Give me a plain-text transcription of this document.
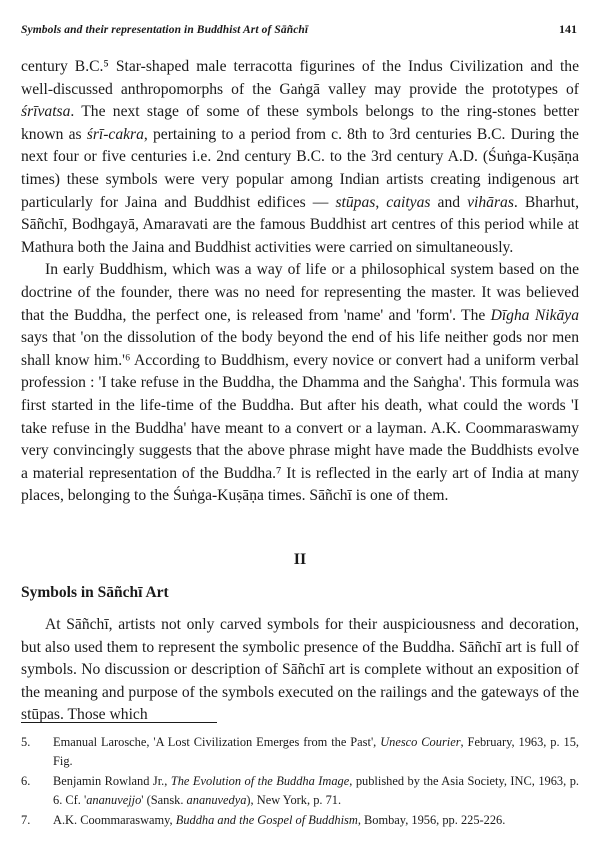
Symbols and their representation in Buddhist Art of Sāñchī	141

century B.C.⁵ Star-shaped male terracotta figurines of the Indus Civilization and the well-discussed anthropomorphs of the Gaṅgā valley may provide the prototypes of śrīvatsa. The next stage of some of these symbols belongs to the ring-stones better known as śrī-cakra, pertaining to a period from c. 8th to 3rd centuries B.C. During the next four or five centuries i.e. 2nd century B.C. to the 3rd century A.D. (Śuṅga-Kuṣāṇa times) these symbols were very popular among Indian artists creating indigenous art particularly for Jaina and Buddhist edifices — stūpas, caityas and vihāras. Bharhut, Sāñchī, Bodhgayā, Amaravati are the famous Buddhist art centres of this period while at Mathura both the Jaina and Buddhist activities were carried on simultaneously.

In early Buddhism, which was a way of life or a philosophical system based on the doctrine of the founder, there was no need for representing the master. It was believed that the Buddha, the perfect one, is released from 'name' and 'form'. The Dīgha Nikāya says that 'on the dissolution of the body beyond the end of his life neither gods nor men shall know him.'⁶ According to Buddhism, every novice or convert had a uniform verbal profession : 'I take refuse in the Buddha, the Dhamma and the Saṅgha'. This formula was first started in the life-time of the Buddha. But after his death, what could the words 'I take refuse in the Buddha' have meant to a convert or a layman. A.K. Coommaraswamy very convincingly suggests that the above phrase might have made the Buddhists evolve a material representation of the Buddha.⁷ It is reflected in the early art of India at many places, belonging to the Śuṅga-Kuṣāṇa times. Sāñchī is one of them.

II
Symbols in Sāñchī Art

At Sāñchī, artists not only carved symbols for their auspiciousness and decoration, but also used them to represent the symbolic presence of the Buddha. Sāñchī art is full of symbols. No discussion or description of Sāñchī art is complete without an exposition of the meaning and purpose of the symbols executed on the railings and the gateways of the stūpas. Those which

5.	Emanual Larosche, 'A Lost Civilization Emerges from the Past', Unesco Courier, February, 1963, p. 15, Fig.
6.	Benjamin Rowland Jr., The Evolution of the Buddha Image, published by the Asia Society, INC, 1963, p. 6. Cf. 'ananuvejjo' (Sansk. ananuvedya), New York, p. 71.
7.	A.K. Coommaraswamy, Buddha and the Gospel of Buddhism, Bombay, 1956, pp. 225-226.
